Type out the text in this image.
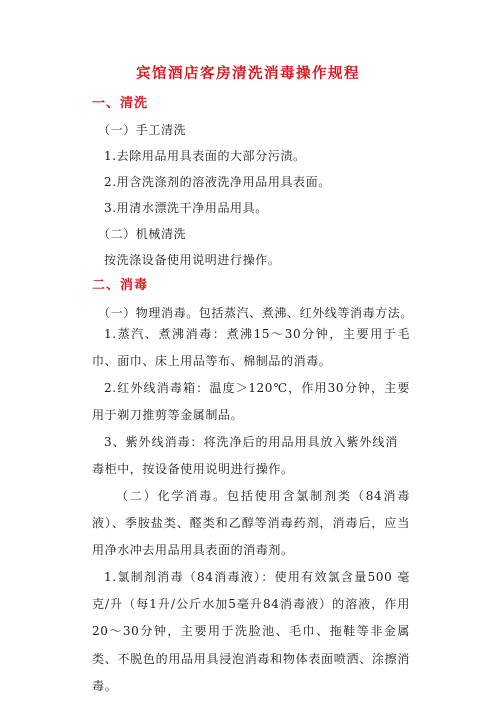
宾馆酒店客房清洗消毒操作规程
一、清洗
（一）手工清洗
1.去除用品用具表面的大部分污渍。
2.用含洗涤剂的溶液洗净用品用具表面。
3.用清水漂洗干净用品用具。
（二）机械清洗
按洗涤设备使用说明进行操作。
二、消毒
（一）物理消毒。包括蒸汽、煮沸、红外线等消毒方法。
1.蒸汽、煮沸消毒：煮沸15～30分钟，主要用于毛巾、面巾、床上用品等布、棉制品的消毒。
2.红外线消毒箱：温度＞120℃，作用30分钟，主要用于剃刀推剪等金属制品。
3、紫外线消毒：将洗净后的用品用具放入紫外线消毒柜中，按设备使用说明进行操作。
（二）化学消毒。包括使用含氯制剂类（84消毒液）、季胺盐类、醛类和乙醇等消毒药剂，消毒后，应当用净水冲去用品用具表面的消毒剂。
1.氯制剂消毒（84消毒液）：使用有效氯含量500 毫克/升（每1升/公斤水加5毫升84消毒液）的溶液，作用20～30分钟，主要用于洗脸池、毛巾、拖鞋等非金属类、不脱色的用品用具浸泡消毒和物体表面喷洒、涂擦消毒。
